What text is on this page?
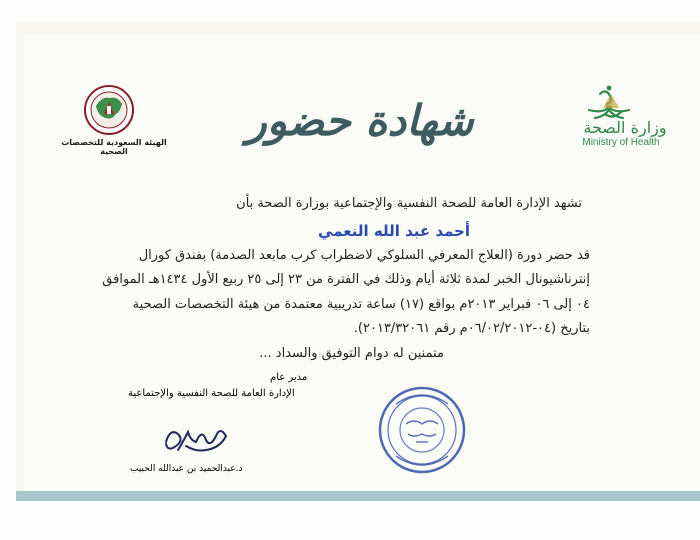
وزارة الصحة
Ministry of Health
الهيئة السعودية للتخصصات الصحية
شهادة حضور
تشهد الإدارة العامة للصحة النفسية والإجتماعية بوزارة الصحة بأن
أحمد عبد الله النعمي
قد حضر دورة (العلاج المعرفي السلوكي لاضطراب كرب مابعد الصدمة) بفندق كورال
إنترناشيونال الخبر لمدة ثلاثة أيام وذلك في الفترة من ٢٣ إلى ٢٥ ربيع الأول ١٤٣٤هـ الموافق
٠٤ إلى ٠٦ فبراير ٢٠١٣م بواقع (١٧) ساعة تدريبية معتمدة من هيئة التخصصات الصحية
بتاريخ (٠٤-٠٦/٠٢/٢٠١٢م رقم ٢٠١٣/٣٢٠٦١).
متمنين له دوام التوفيق والسداد ...
مدير عام
الإدارة العامة للصحة النفسية والإجتماعية
د.عبدالحميد بن عبدالله الحبيب
